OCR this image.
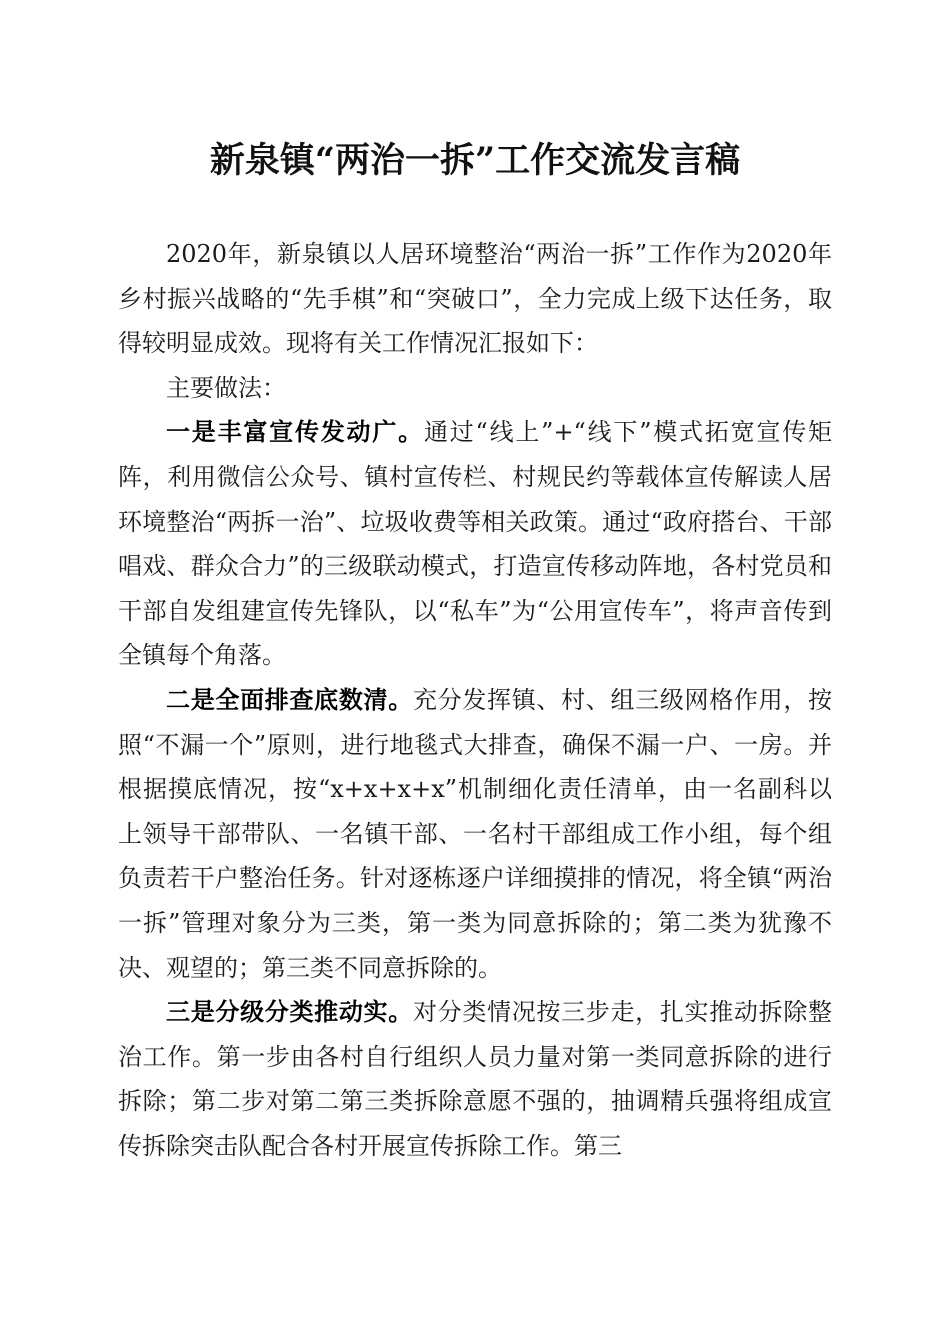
新泉镇“两治一拆”工作交流发言稿

2020年，新泉镇以人居环境整治“两治一拆”工作作为2020年乡村振兴战略的“先手棋”和“突破口”，全力完成上级下达任务，取得较明显成效。现将有关工作情况汇报如下：

主要做法：

一是丰富宣传发动广。通过“线上”+“线下”模式拓宽宣传矩阵，利用微信公众号、镇村宣传栏、村规民约等载体宣传解读人居环境整治“两拆一治”、垃圾收费等相关政策。通过“政府搭台、干部唱戏、群众合力”的三级联动模式，打造宣传移动阵地，各村党员和干部自发组建宣传先锋队，以“私车”为“公用宣传车”，将声音传到全镇每个角落。

二是全面排查底数清。充分发挥镇、村、组三级网格作用，按照“不漏一个”原则，进行地毯式大排查，确保不漏一户、一房。并根据摸底情况，按“x+x+x+x”机制细化责任清单，由一名副科以上领导干部带队、一名镇干部、一名村干部组成工作小组，每个组负责若干户整治任务。针对逐栋逐户详细摸排的情况，将全镇“两治一拆”管理对象分为三类，第一类为同意拆除的；第二类为犹豫不决、观望的；第三类不同意拆除的。

三是分级分类推动实。对分类情况按三步走，扎实推动拆除整治工作。第一步由各村自行组织人员力量对第一类同意拆除的进行拆除；第二步对第二第三类拆除意愿不强的，抽调精兵强将组成宣传拆除突击队配合各村开展宣传拆除工作。第三
